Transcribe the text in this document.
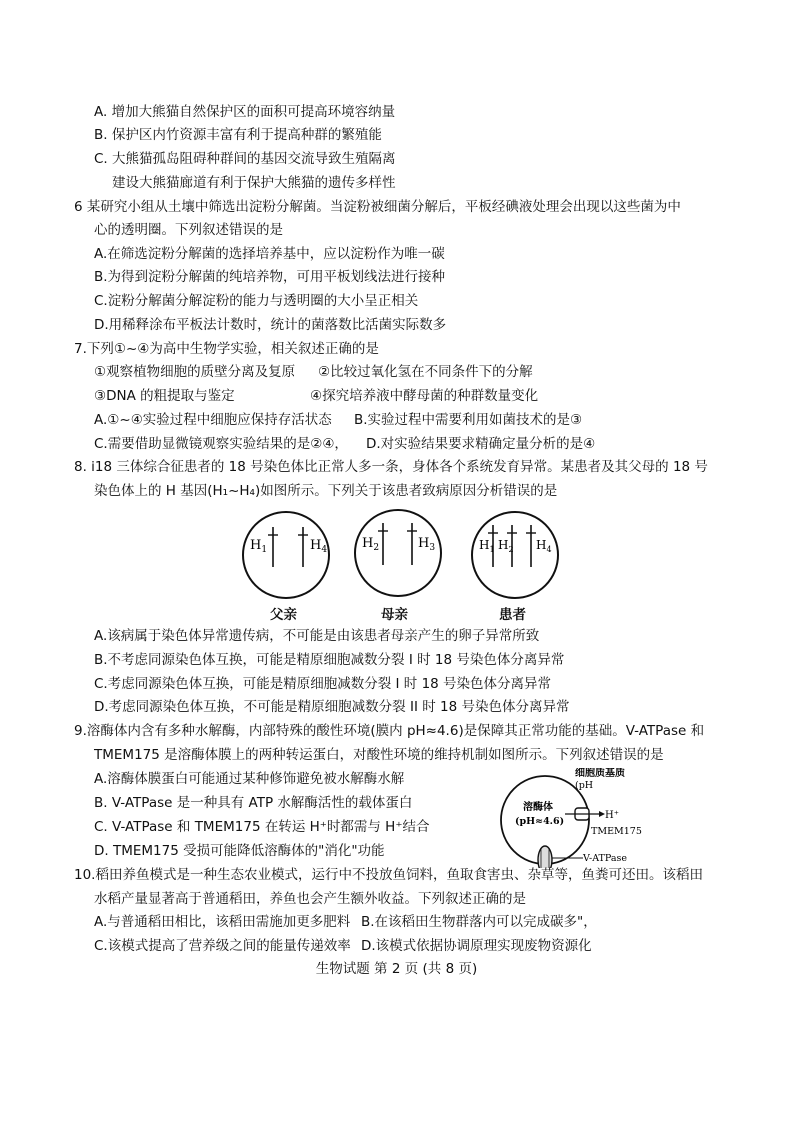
A. 增加大熊猫自然保护区的面积可提高环境容纳量
B. 保护区内竹资源丰富有利于提高种群的繁殖能
C. 大熊猫孤岛阻碍种群间的基因交流导致生殖隔离
建设大熊猫廊道有利于保护大熊猫的遗传多样性
6 某研究小组从土壤中筛选出淀粉分解菌。当淀粉被细菌分解后，平板经碘液处理会出现以这些菌为中
心的透明圈。下列叙述错误的是
A.在筛选淀粉分解菌的选择培养基中，应以淀粉作为唯一碳
B.为得到淀粉分解菌的纯培养物，可用平板划线法进行接种
C.淀粉分解菌分解淀粉的能力与透明圈的大小呈正相关
D.用稀释涂布平板法计数时，统计的菌落数比活菌实际数多
7.下列①~④为高中生物学实验，相关叙述正确的是
①观察植物细胞的质壁分离及复原 ②比较过氧化氢在不同条件下的分解
③DNA 的粗提取与鉴定	④探究培养液中酵母菌的种群数量变化
A.①~④实验过程中细胞应保持存活状态 B.实验过程中需要利用如菌技术的是③
C.需要借助显微镜观察实验结果的是②④， D.对实验结果要求精确定量分析的是④
8. i18 三体综合征患者的 18 号染色体比正常人多一条，身体各个系统发育异常。某患者及其父母的 18 号
染色体上的 H 基因(H₁~H₄)如图所示。下列关于该患者致病原因分析错误的是
$H_1$	$H_4$	$H_2$	$H_3$	$H_1$ $H_2$ $H_4$
父亲	母亲	患者
A.该病属于染色体异常遗传病，不可能是由该患者母亲产生的卵子异常所致
B.不考虑同源染色体互换，可能是精原细胞减数分裂 I 时 18 号染色体分离异常
C.考虑同源染色体互换，可能是精原细胞减数分裂 I 时 18 号染色体分离异常
D.考虑同源染色体互换，不可能是精原细胞减数分裂 II 时 18 号染色体分离异常
9.溶酶体内含有多种水解酶，内部特殊的酸性环境(膜内 pH≈4.6)是保障其正常功能的基础。V-ATPase 和
TMEM175 是溶酶体膜上的两种转运蛋白，对酸性环境的维持机制如图所示。下列叙述错误的是
A.溶酶体膜蛋白可能通过某种修饰避免被水解酶水解
B. V-ATPase 是一种具有 ATP 水解酶活性的载体蛋白
C. V-ATPase 和 TMEM175 在转运 H⁺时都需与 H⁺结合
D. TMEM175 受损可能降低溶酶体的"消化"功能
细胞质基质
(pH
溶酶体
(pH≈4.6)
H⁺
TMEM175
V-ATPase
10.稻田养鱼模式是一种生态农业模式，运行中不投放鱼饲料，鱼取食害虫、杂草等，鱼粪可还田。该稻田
水稻产量显著高于普通稻田，养鱼也会产生额外收益。下列叙述正确的是
A.与普通稻田相比，该稻田需施加更多肥料 B.在该稻田生物群落内可以完成碳多"，
C.该模式提高了营养级之间的能量传递效率 D.该模式依据协调原理实现废物资源化
生物试题 第 2 页 (共 8 页)
